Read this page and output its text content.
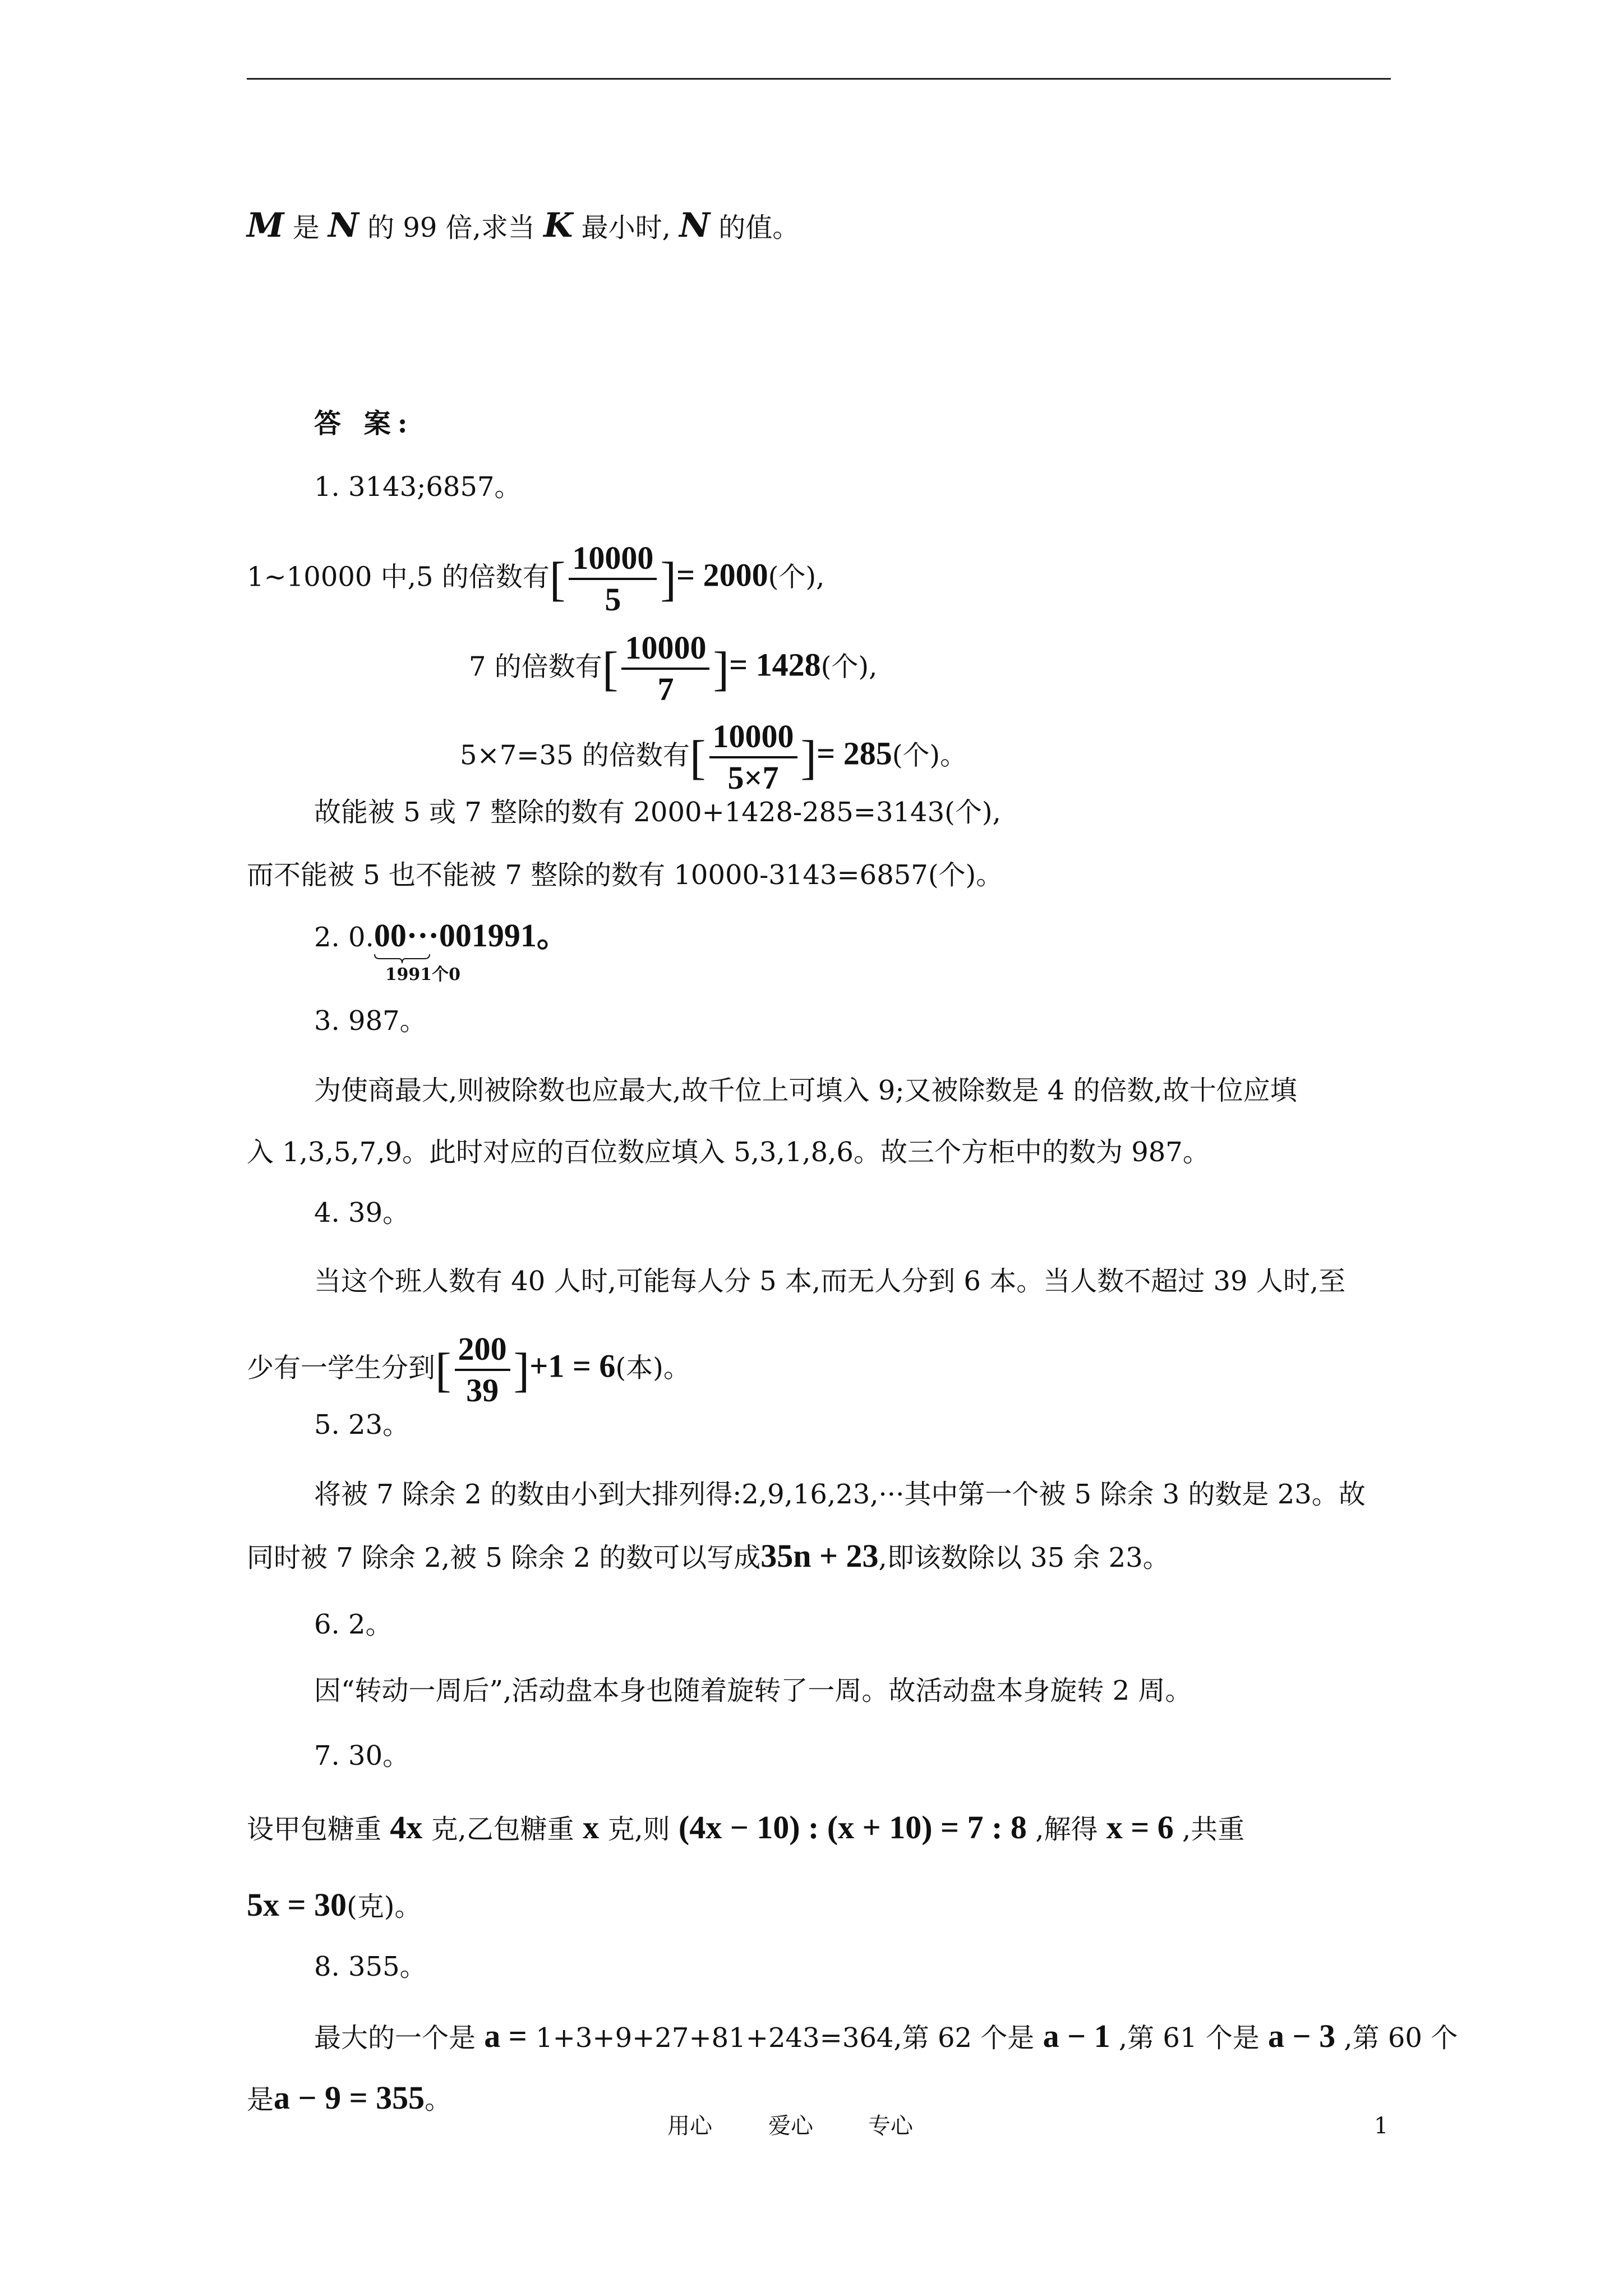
M 是 N 的 99 倍,求当 K 最小时, N 的值。
答 案:
1. 3143;6857。
1~10000 中,5 的倍数有[ $\frac{10000}{5}$ ]= 2000(个),
7 的倍数有[ $\frac{10000}{7}$ ]= 1428(个),
5×7=35 的倍数有[ $\frac{10000}{5\times 7}$ ]= 285(个)。
故能被 5 或 7 整除的数有 2000+1428-285=3143(个),
而不能被 5 也不能被 7 整除的数有 10000-3143=6857(个)。
2. 0.00···00
1991个0
1991。
3. 987。
为使商最大,则被除数也应最大,故千位上可填入 9;又被除数是 4 的倍数,故十位应填
入 1,3,5,7,9。此时对应的百位数应填入 5,3,1,8,6。故三个方柜中的数为 987。
4. 39。
当这个班人数有 40 人时,可能每人分 5 本,而无人分到 6 本。当人数不超过 39 人时,至
少有一学生分到[ $\frac{200}{39} ]+1 = 6$(本)。
5. 23。
将被 7 除余 2 的数由小到大排列得:2,9,16,23,···其中第一个被 5 除余 3 的数是 23。故
同时被 7 除余 2,被 5 除余 2 的数可以写成35n + 23,即该数除以 35 余 23。
6. 2。
因“转动一周后”,活动盘本身也随着旋转了一周。故活动盘本身旋转 2 周。
7. 30。
设甲包糖重 4x 克,乙包糖重 x 克,则 (4x − 10) : (x + 10) = 7 : 8 ,解得 x = 6 ,共重
5x = 30(克)。
8. 355。
最大的一个是 a = 1+3+9+27+81+243=364,第 62 个是 a − 1 ,第 61 个是 a − 3 ,第 60 个
是a − 9 = 355。
用心	爱心 专心	1
